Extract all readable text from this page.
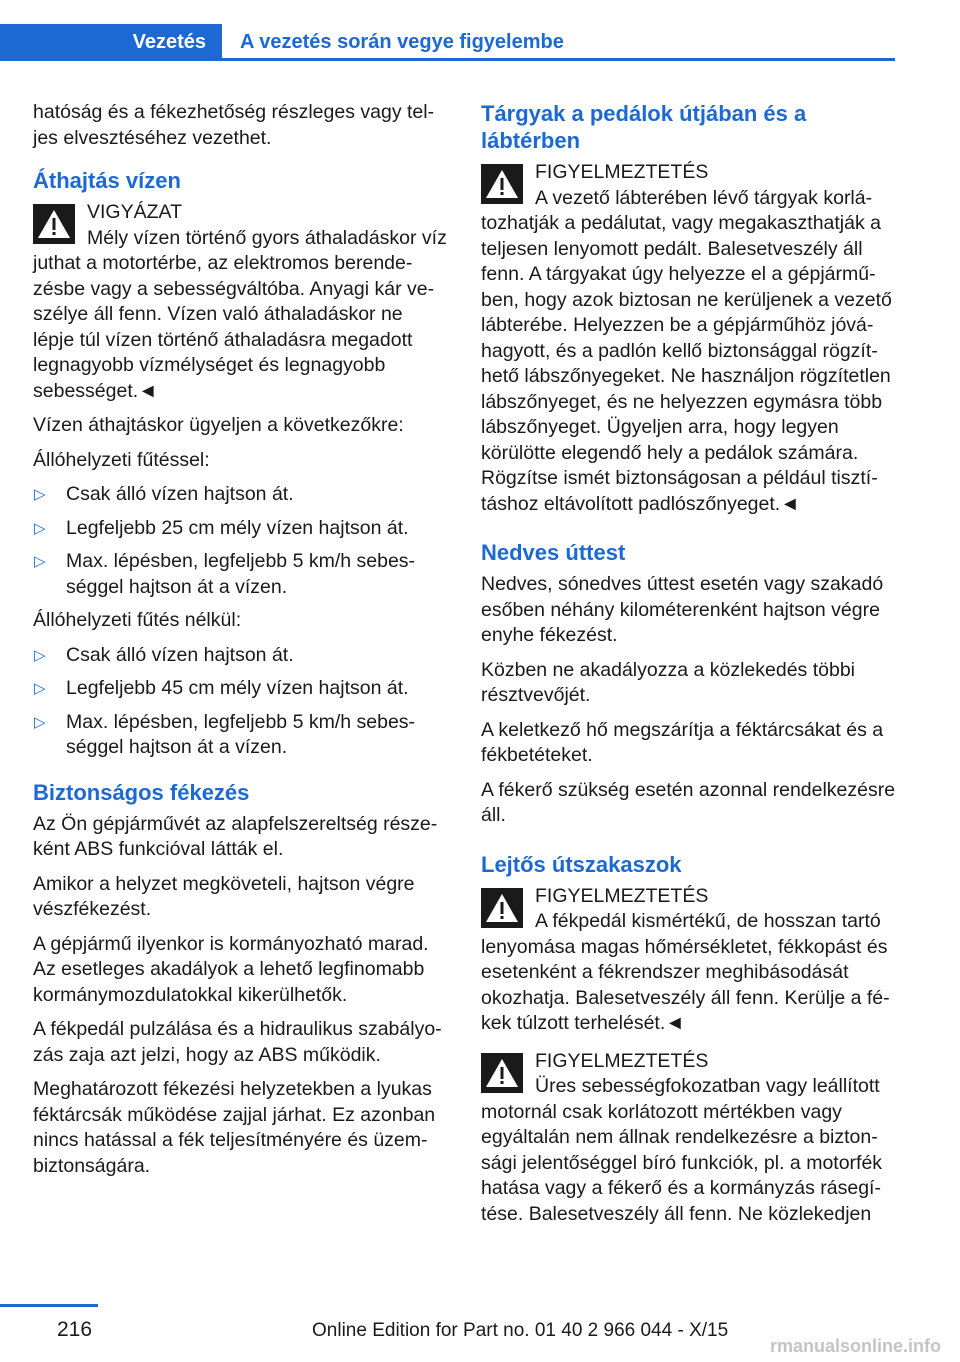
Vezetés A vezetés során vegye figyelembe

hatóság és a fékezhetőség részleges vagy teljes elvesztéséhez vezethet.

Áthajtás vízen
VIGYÁZAT
Mély vízen történő gyors áthaladáskor víz juthat a motortérbe, az elektromos berendezésbe vagy a sebességváltóba. Anyagi kár veszélye áll fenn. Vízen való áthaladáskor ne lépje túl vízen történő áthaladásra megadott legnagyobb vízmélységet és legnagyobb sebességet.◄

Vízen áthajtáskor ügyeljen a következőkre:

Állóhelyzeti fűtéssel:

▷ Csak álló vízen hajtson át.
▷ Legfeljebb 25 cm mély vízen hajtson át.
▷ Max. lépésben, legfeljebb 5 km/h sebességgel hajtson át a vízen.

Állóhelyzeti fűtés nélkül:

▷ Csak álló vízen hajtson át.
▷ Legfeljebb 45 cm mély vízen hajtson át.
▷ Max. lépésben, legfeljebb 5 km/h sebességgel hajtson át a vízen.
Biztonságos fékezés

Az Ön gépjárművét az alapfelszereltség részeként ABS funkcióval látták el.

Amikor a helyzet megköveteli, hajtson végre vészfékezést.

A gépjármű ilyenkor is kormányozható marad. Az esetleges akadályok a lehető legfinomabb kormánymozdulatokkal kikerülhetők.

A fékpedál pulzálása és a hidraulikus szabályozás zaja azt jelzi, hogy az ABS működik.

Meghatározott fékezési helyzetekben a lyukas féktárcsák működése zajjal járhat. Ez azonban nincs hatással a fék teljesítményére és üzembiztonságára.

Tárgyak a pedálok útjában és a lábtérben
FIGYELMEZTETÉS
A vezető lábterében lévő tárgyak korlátozhatják a pedálutat, vagy megakaszthatják a teljesen lenyomott pedált. Balesetveszély áll fenn. A tárgyakat úgy helyezze el a gépjárműben, hogy azok biztosan ne kerüljenek a vezető lábterébe. Helyezzen be a gépjárműhöz jóváhagyott, és a padlón kellő biztonsággal rögzíthető lábszőnyegeket. Ne használjon rögzítetlen lábszőnyeget, és ne helyezzen egymásra több lábszőnyeget. Ügyeljen arra, hogy legyen körülötte elegendő hely a pedálok számára. Rögzítse ismét biztonságosan a például tisztításhoz eltávolított padlószőnyeget.◄
Nedves úttest

Nedves, sónedves úttest esetén vagy szakadó esőben néhány kilométerenként hajtson végre enyhe fékezést.

Közben ne akadályozza a közlekedés többi résztvevőjét.

A keletkező hő megszárítja a féktárcsákat és a fékbetéteket.

A fékerő szükség esetén azonnal rendelkezésre áll.

Lejtős útszakaszok
FIGYELMEZTETÉS
A fékpedál kismértékű, de hosszan tartó lenyomása magas hőmérsékletet, fékkopást és esetenként a fékrendszer meghibásodását okozhatja. Balesetveszély áll fenn. Kerülje a fékek túlzott terhelését.◄
FIGYELMEZTETÉS
Üres sebességfokozatban vagy leállított motornál csak korlátozott mértékben vagy egyáltalán nem állnak rendelkezésre a biztonsági jelentőséggel bíró funkciók, pl. a motorfék hatása vagy a fékerő és a kormányzás rásegítése. Balesetveszély áll fenn. Ne közlekedjen
216	Online Edition for Part no. 01 40 2 966 044 - X/15
rmanualsonline.info
